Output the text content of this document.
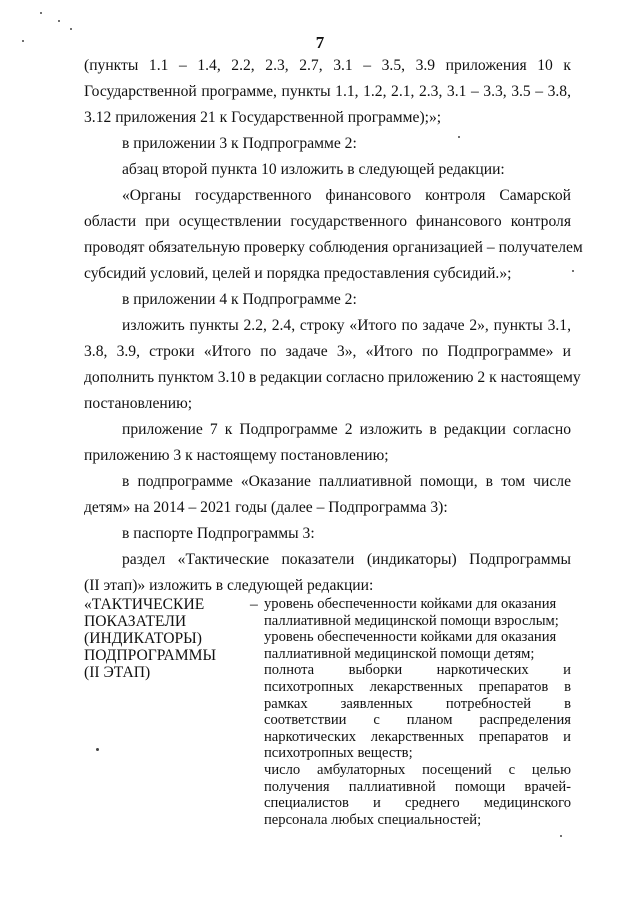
7
(пункты 1.1 – 1.4, 2.2, 2.3, 2.7, 3.1 – 3.5, 3.9 приложения 10 к
Государственной программе, пункты 1.1, 1.2, 2.1, 2.3, 3.1 – 3.3, 3.5 – 3.8,
3.12 приложения 21 к Государственной программе);»;
в приложении 3 к Подпрограмме 2:
абзац второй пункта 10 изложить в следующей редакции:
«Органы государственного финансового контроля Самарской
области при осуществлении государственного финансового контроля
проводят обязательную проверку соблюдения организацией – получателем
субсидий условий, целей и порядка предоставления субсидий.»;
в приложении 4 к Подпрограмме 2:
изложить пункты 2.2, 2.4, строку «Итого по задаче 2», пункты 3.1,
3.8, 3.9, строки «Итого по задаче 3», «Итого по Подпрограмме» и
дополнить пунктом 3.10 в редакции согласно приложению 2 к настоящему
постановлению;
приложение 7 к Подпрограмме 2 изложить в редакции согласно
приложению 3 к настоящему постановлению;
в подпрограмме «Оказание паллиативной помощи, в том числе
детям» на 2014 – 2021 годы (далее – Подпрограмма 3):
в паспорте Подпрограммы 3:
раздел «Тактические показатели (индикаторы) Подпрограммы
(II этап)» изложить в следующей редакции:
«ТАКТИЧЕСКИЕ
ПОКАЗАТЕЛИ
(ИНДИКАТОРЫ)
ПОДПРОГРАММЫ
(II ЭТАП)
– уровень обеспеченности койками для оказания
паллиативной медицинской помощи взрослым;
уровень обеспеченности койками для оказания
паллиативной медицинской помощи детям;
полнота выборки наркотических и
психотропных лекарственных препаратов в
рамках заявленных потребностей в
соответствии с планом распределения
наркотических лекарственных препаратов и
психотропных веществ;
число амбулаторных посещений с целью
получения паллиативной помощи врачей-
специалистов и среднего медицинского
персонала любых специальностей;
